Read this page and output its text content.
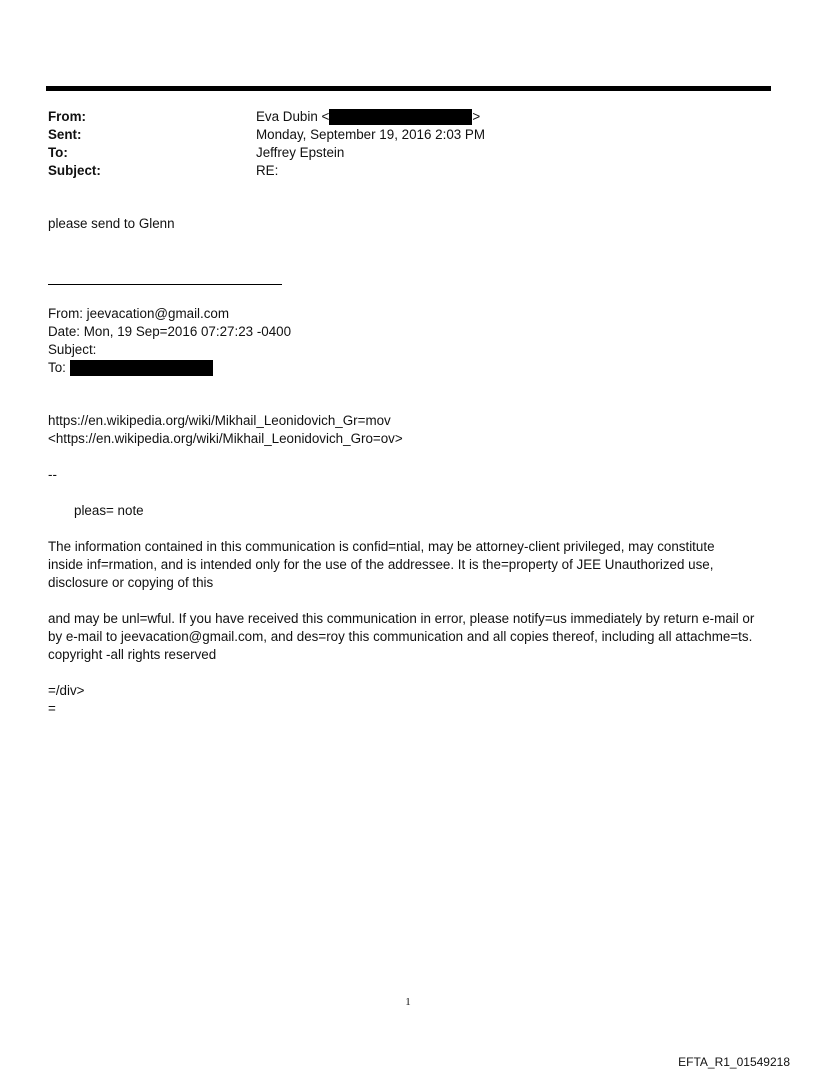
From:	Eva Dubin <	>
Sent:	Monday, September 19, 2016 2:03 PM
To:	Jeffrey Epstein
Subject:	RE:
please send to Glenn
From: jeevacation@gmail.com
Date: Mon, 19 Sep=2016 07:27:23 -0400
Subject:
To:
https://en.wikipedia.org/wiki/Mikhail_Leonidovich_Gr=mov
<https://en.wikipedia.org/wiki/Mikhail_Leonidovich_Gro=ov>
--
pleas= note
The information contained in this communication is confid=ntial, may be attorney-client privileged, may constitute
inside inf=rmation, and is intended only for the use of the addressee. It is the=property of JEE Unauthorized use,
disclosure or copying of this
and may be unl=wful. If you have received this communication in error, please notify=us immediately by return e-mail or
by e-mail to jeevacation@gmail.com, and des=roy this communication and all copies thereof, including all attachme=ts.
copyright -all rights reserved
=/div>
=
1
EFTA_R1_01549218
